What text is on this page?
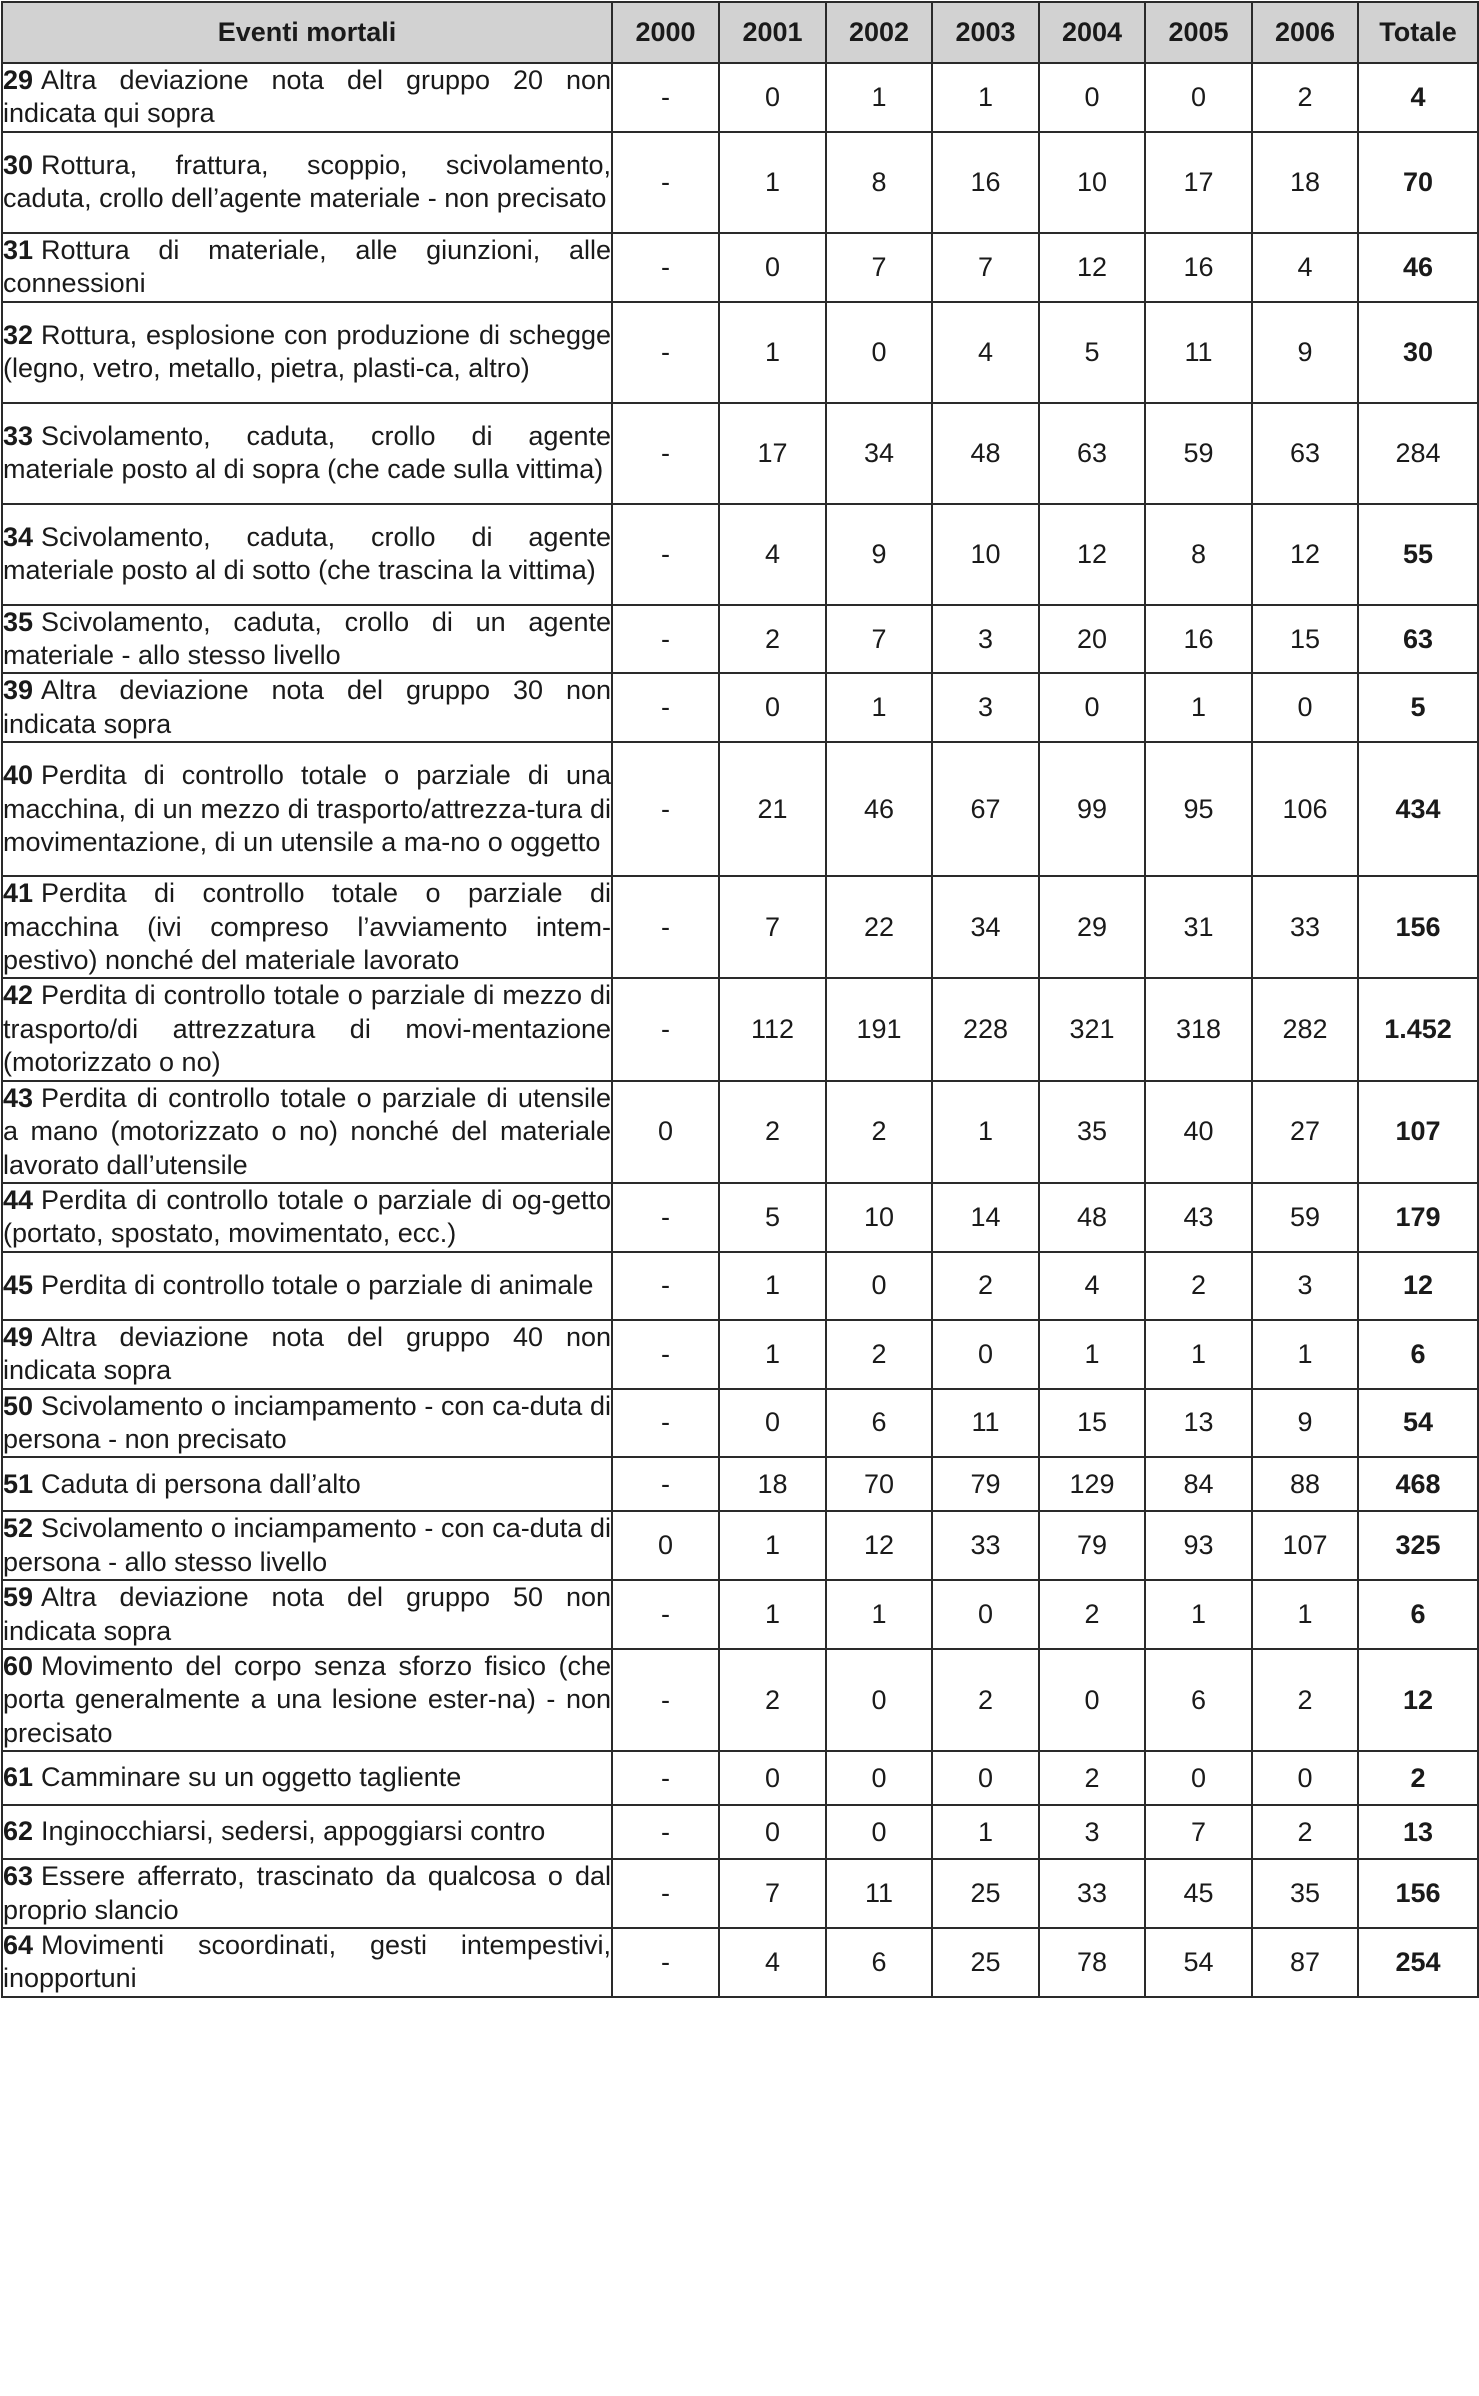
Eventi mortali	2000	2001	2002	2003	2004	2005	2006	Totale
29 Altra deviazione nota del gruppo 20 non indicata qui sopra	-	0	1	1	0	0	2	4
30 Rottura, frattura, scoppio, scivolamento, caduta, crollo dell’agente materiale - non precisato	-	1	8	16	10	17	18	70
31 Rottura di materiale, alle giunzioni, alle connessioni	-	0	7	7	12	16	4	46
32 Rottura, esplosione con produzione di schegge (legno, vetro, metallo, pietra, plasti-ca, altro)	-	1	0	4	5	11	9	30
33 Scivolamento, caduta, crollo di agente materiale posto al di sopra (che cade sulla vittima)	-	17	34	48	63	59	63	284
34 Scivolamento, caduta, crollo di agente materiale posto al di sotto (che trascina la vittima)	-	4	9	10	12	8	12	55
35 Scivolamento, caduta, crollo di un agente materiale - allo stesso livello	-	2	7	3	20	16	15	63
39 Altra deviazione nota del gruppo 30 non indicata sopra	-	0	1	3	0	1	0	5
40 Perdita di controllo totale o parziale di una macchina, di un mezzo di trasporto/attrezza-tura di movimentazione, di un utensile a ma-no o oggetto	-	21	46	67	99	95	106	434
41 Perdita di controllo totale o parziale di macchina (ivi compreso l’avviamento intem-pestivo) nonché del materiale lavorato	-	7	22	34	29	31	33	156
42 Perdita di controllo totale o parziale di mezzo di trasporto/di attrezzatura di movi-mentazione (motorizzato o no)	-	112	191	228	321	318	282	1.452
43 Perdita di controllo totale o parziale di utensile a mano (motorizzato o no) nonché del materiale lavorato dall’utensile	0	2	2	1	35	40	27	107
44 Perdita di controllo totale o parziale di og-getto (portato, spostato, movimentato, ecc.)	-	5	10	14	48	43	59	179
45 Perdita di controllo totale o parziale di animale	-	1	0	2	4	2	3	12
49 Altra deviazione nota del gruppo 40 non indicata sopra	-	1	2	0	1	1	1	6
50 Scivolamento o inciampamento - con ca-duta di persona - non precisato	-	0	6	11	15	13	9	54
51 Caduta di persona dall’alto	-	18	70	79	129	84	88	468
52 Scivolamento o inciampamento - con ca-duta di persona - allo stesso livello	0	1	12	33	79	93	107	325
59 Altra deviazione nota del gruppo 50 non indicata sopra	-	1	1	0	2	1	1	6
60 Movimento del corpo senza sforzo fisico (che porta generalmente a una lesione ester-na) - non precisato	-	2	0	2	0	6	2	12
61 Camminare su un oggetto tagliente	-	0	0	0	2	0	0	2
62 Inginocchiarsi, sedersi, appoggiarsi contro	-	0	0	1	3	7	2	13
63 Essere afferrato, trascinato da qualcosa o dal proprio slancio	-	7	11	25	33	45	35	156
64 Movimenti scoordinati, gesti intempestivi, inopportuni	-	4	6	25	78	54	87	254
